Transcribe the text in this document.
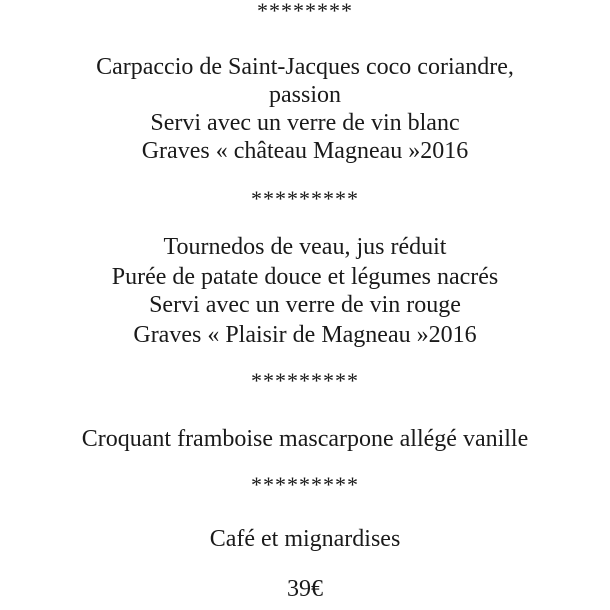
********

Carpaccio de Saint-Jacques coco coriandre,

passion

Servi avec un verre de vin blanc

Graves « château Magneau »2016

*********

Tournedos de veau, jus réduit

Purée de patate douce et légumes nacrés

Servi avec un verre de vin rouge

Graves « Plaisir de Magneau »2016

*********

Croquant framboise mascarpone allégé vanille

*********

Café et mignardises

39€
